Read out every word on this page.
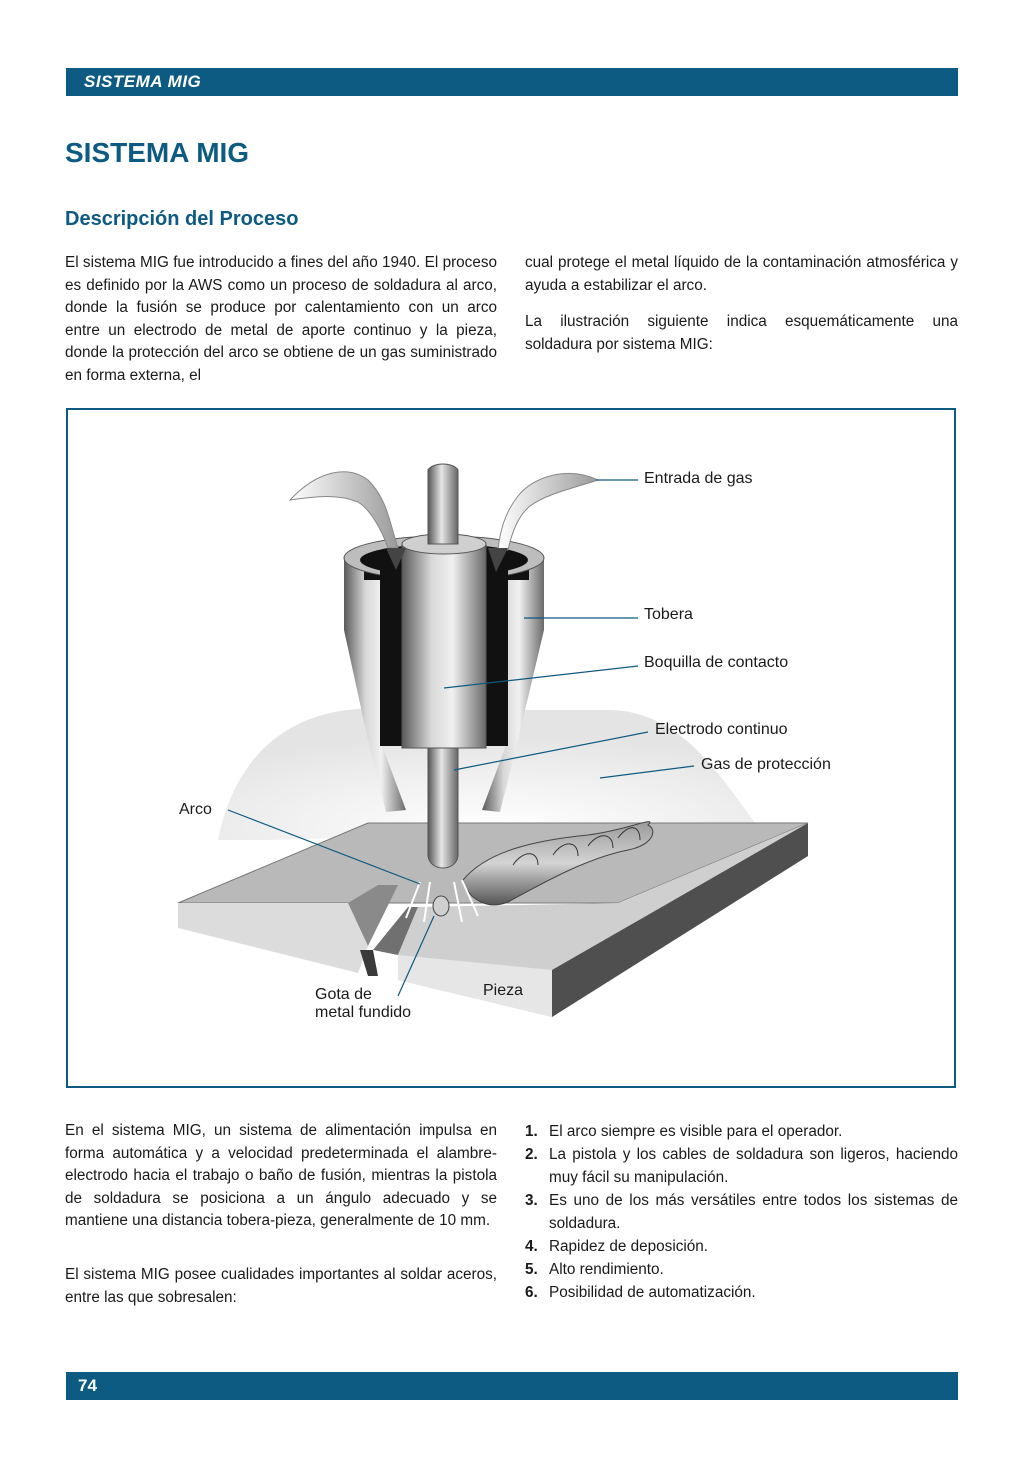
SISTEMA MIG
SISTEMA MIG
Descripción del Proceso

El sistema MIG fue introducido a fines del año 1940. El proceso es definido por la AWS como un proceso de soldadura al arco, donde la fusión se produce por calentamiento con un arco entre un electrodo de metal de aporte continuo y la pieza, donde la protección del arco se obtiene de un gas suministrado en forma externa, el

cual protege el metal líquido de la contaminación atmosférica y ayuda a estabilizar el arco.

La ilustración siguiente indica esquemáticamente una soldadura por sistema MIG:

Entrada de gas
Tobera
Boquilla de contacto
Electrodo continuo
Gas de protección
Arco
Gota de
metal fundido
Pieza

En el sistema MIG, un sistema de alimentación impulsa en forma automática y a velocidad predeterminada el alambre-electrodo hacia el trabajo o baño de fusión, mientras la pistola de soldadura se posiciona a un ángulo adecuado y se mantiene una distancia tobera-pieza, generalmente de 10 mm.

El sistema MIG posee cualidades importantes al soldar aceros, entre las que sobresalen:

1. El arco siempre es visible para el operador.
2. La pistola y los cables de soldadura son ligeros, haciendo muy fácil su manipulación.
3. Es uno de los más versátiles entre todos los sistemas de soldadura.
4. Rapidez de deposición.
5. Alto rendimiento.
6. Posibilidad de automatización.
74
